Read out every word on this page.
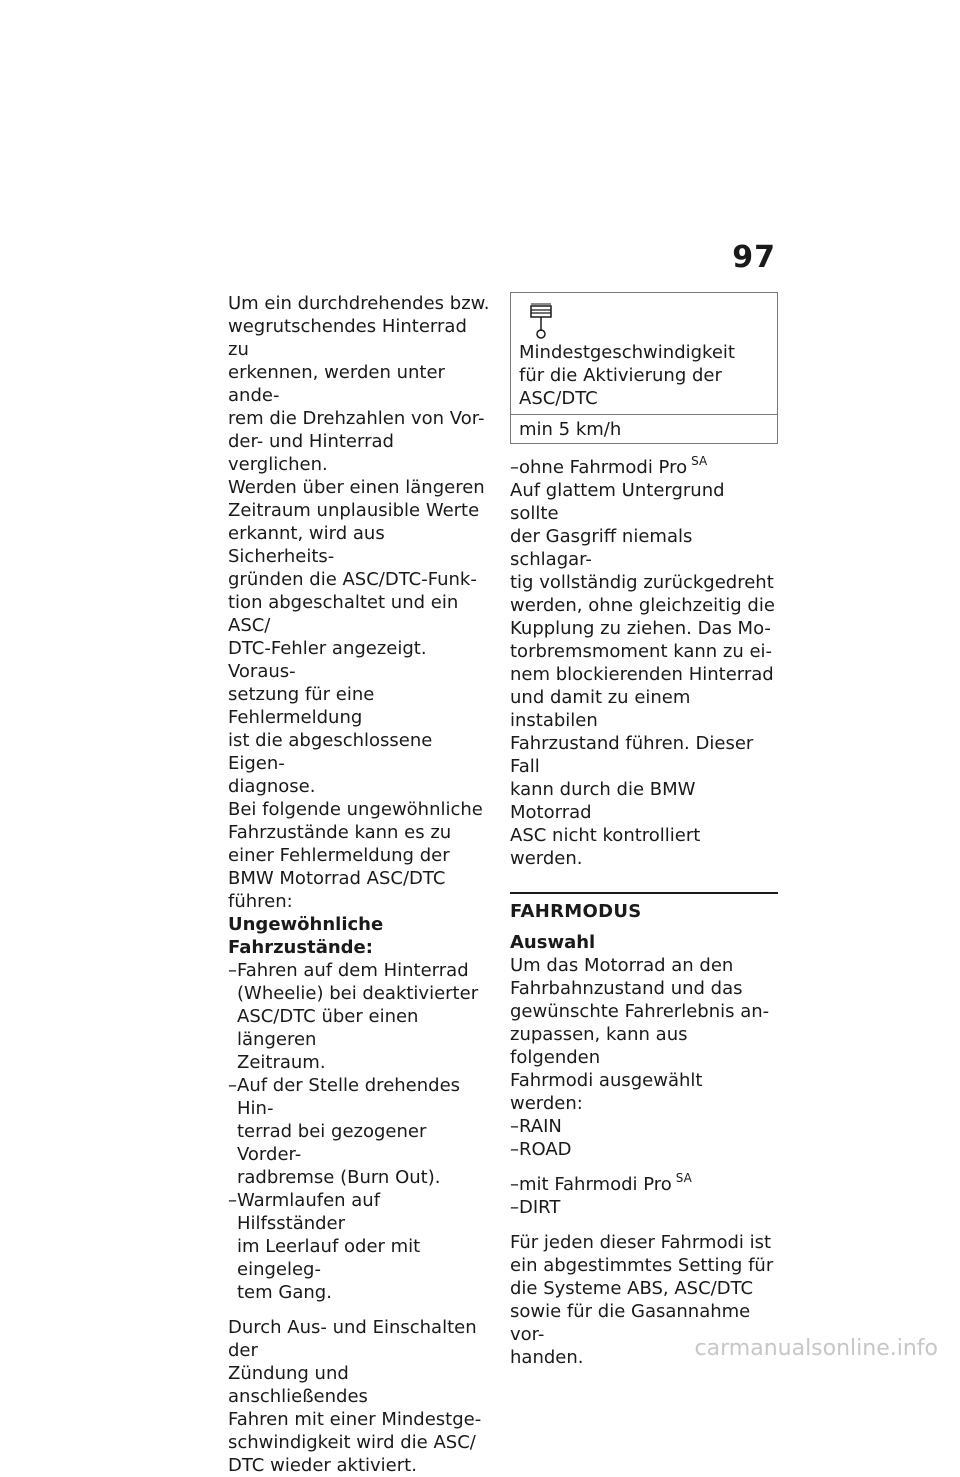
97

Um ein durchdrehendes bzw.
wegrutschendes Hinterrad zu
erkennen, werden unter ande-
rem die Drehzahlen von Vor-
der- und Hinterrad verglichen.
Werden über einen längeren
Zeitraum unplausible Werte
erkannt, wird aus Sicherheits-
gründen die ASC/DTC-Funk-
tion abgeschaltet und ein ASC/
DTC-Fehler angezeigt. Voraus-
setzung für eine Fehlermeldung
ist die abgeschlossene Eigen-
diagnose.

Bei folgende ungewöhnliche
Fahrzustände kann es zu
einer Fehlermeldung der
BMW Motorrad ASC/DTC
führen:

Ungewöhnliche Fahrzustände:

– Fahren auf dem Hinterrad
(Wheelie) bei deaktivierter
ASC/DTC über einen längeren
Zeitraum.
– Auf der Stelle drehendes Hin-
terrad bei gezogener Vorder-
radbremse (Burn Out).
– Warmlaufen auf Hilfsständer
im Leerlauf oder mit eingeleg-
tem Gang.

Durch Aus- und Einschalten der
Zündung und anschließendes
Fahren mit einer Mindestge-
schwindigkeit wird die ASC/
DTC wieder aktiviert.

Mindestgeschwindigkeit
für die Aktivierung der
ASC/DTC
min 5 km/h

–ohne Fahrmodi Pro $^{SA}$

Auf glattem Untergrund sollte
der Gasgriff niemals schlagar-
tig vollständig zurückgedreht
werden, ohne gleichzeitig die
Kupplung zu ziehen. Das Mo-
torbremsmoment kann zu ei-
nem blockierenden Hinterrad
und damit zu einem instabilen
Fahrzustand führen. Dieser Fall
kann durch die BMW Motorrad
ASC nicht kontrolliert werden.

FAHRMODUS

Auswahl

Um das Motorrad an den
Fahrbahnzustand und das
gewünschte Fahrerlebnis an-
zupassen, kann aus folgenden
Fahrmodi ausgewählt werden:

– RAIN
– ROAD

–mit Fahrmodi Pro $^{SA}$

– DIRT

Für jeden dieser Fahrmodi ist
ein abgestimmtes Setting für
die Systeme ABS, ASC/DTC
sowie für die Gasannahme vor-
handen.	carmanualsonline.info
